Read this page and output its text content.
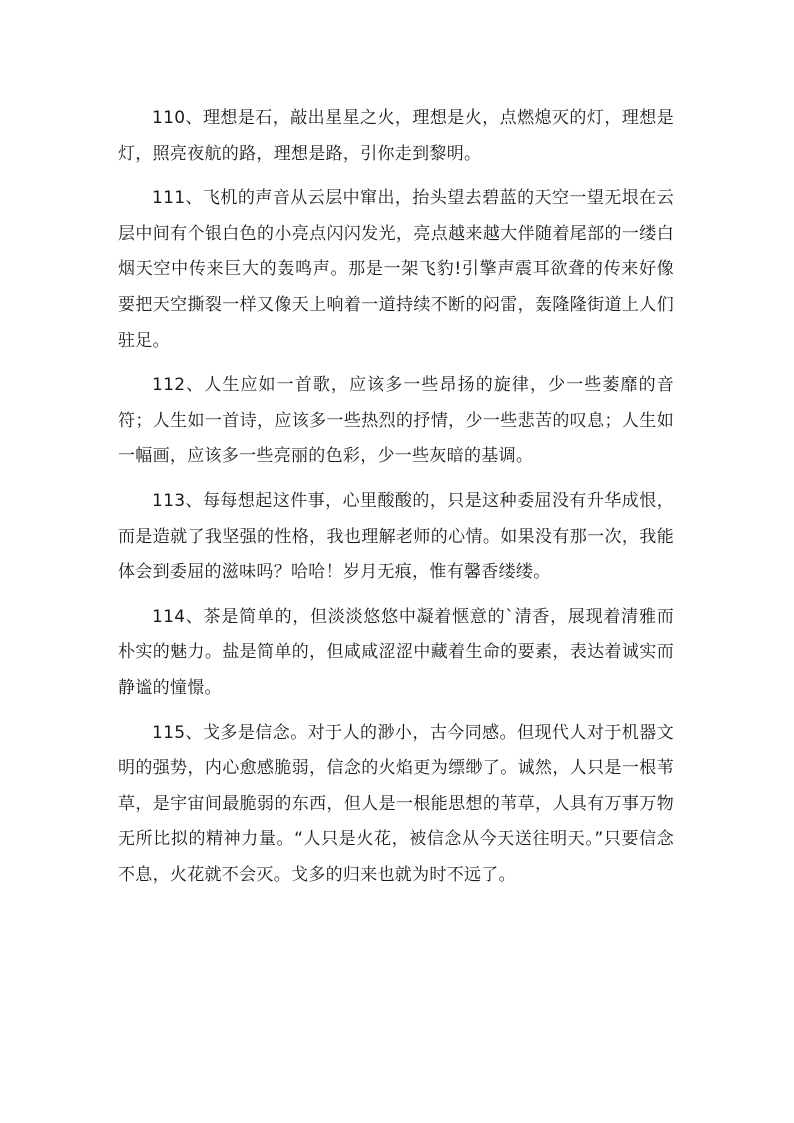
110、理想是石，敲出星星之火，理想是火，点燃熄灭的灯，理想是灯，照亮夜航的路，理想是路，引你走到黎明。

111、飞机的声音从云层中窜出，抬头望去碧蓝的天空一望无垠在云层中间有个银白色的小亮点闪闪发光，亮点越来越大伴随着尾部的一缕白烟天空中传来巨大的轰鸣声。那是一架飞豹!引擎声震耳欲聋的传来好像要把天空撕裂一样又像天上响着一道持续不断的闷雷，轰隆隆街道上人们驻足。

112、人生应如一首歌，应该多一些昂扬的旋律，少一些萎靡的音符；人生如一首诗，应该多一些热烈的抒情，少一些悲苦的叹息；人生如一幅画，应该多一些亮丽的色彩，少一些灰暗的基调。

113、每每想起这件事，心里酸酸的，只是这种委屈没有升华成恨，而是造就了我坚强的性格，我也理解老师的心情。如果没有那一次，我能体会到委屈的滋味吗？哈哈！岁月无痕，惟有馨香缕缕。

114、茶是简单的，但淡淡悠悠中凝着惬意的`清香，展现着清雅而朴实的魅力。盐是简单的，但咸咸涩涩中藏着生命的要素，表达着诚实而静谧的憧憬。

115、戈多是信念。对于人的渺小，古今同感。但现代人对于机器文明的强势，内心愈感脆弱，信念的火焰更为缥缈了。诚然，人只是一根苇草，是宇宙间最脆弱的东西，但人是一根能思想的苇草，人具有万事万物无所比拟的精神力量。“人只是火花，被信念从今天送往明天。”只要信念不息，火花就不会灭。戈多的归来也就为时不远了。
